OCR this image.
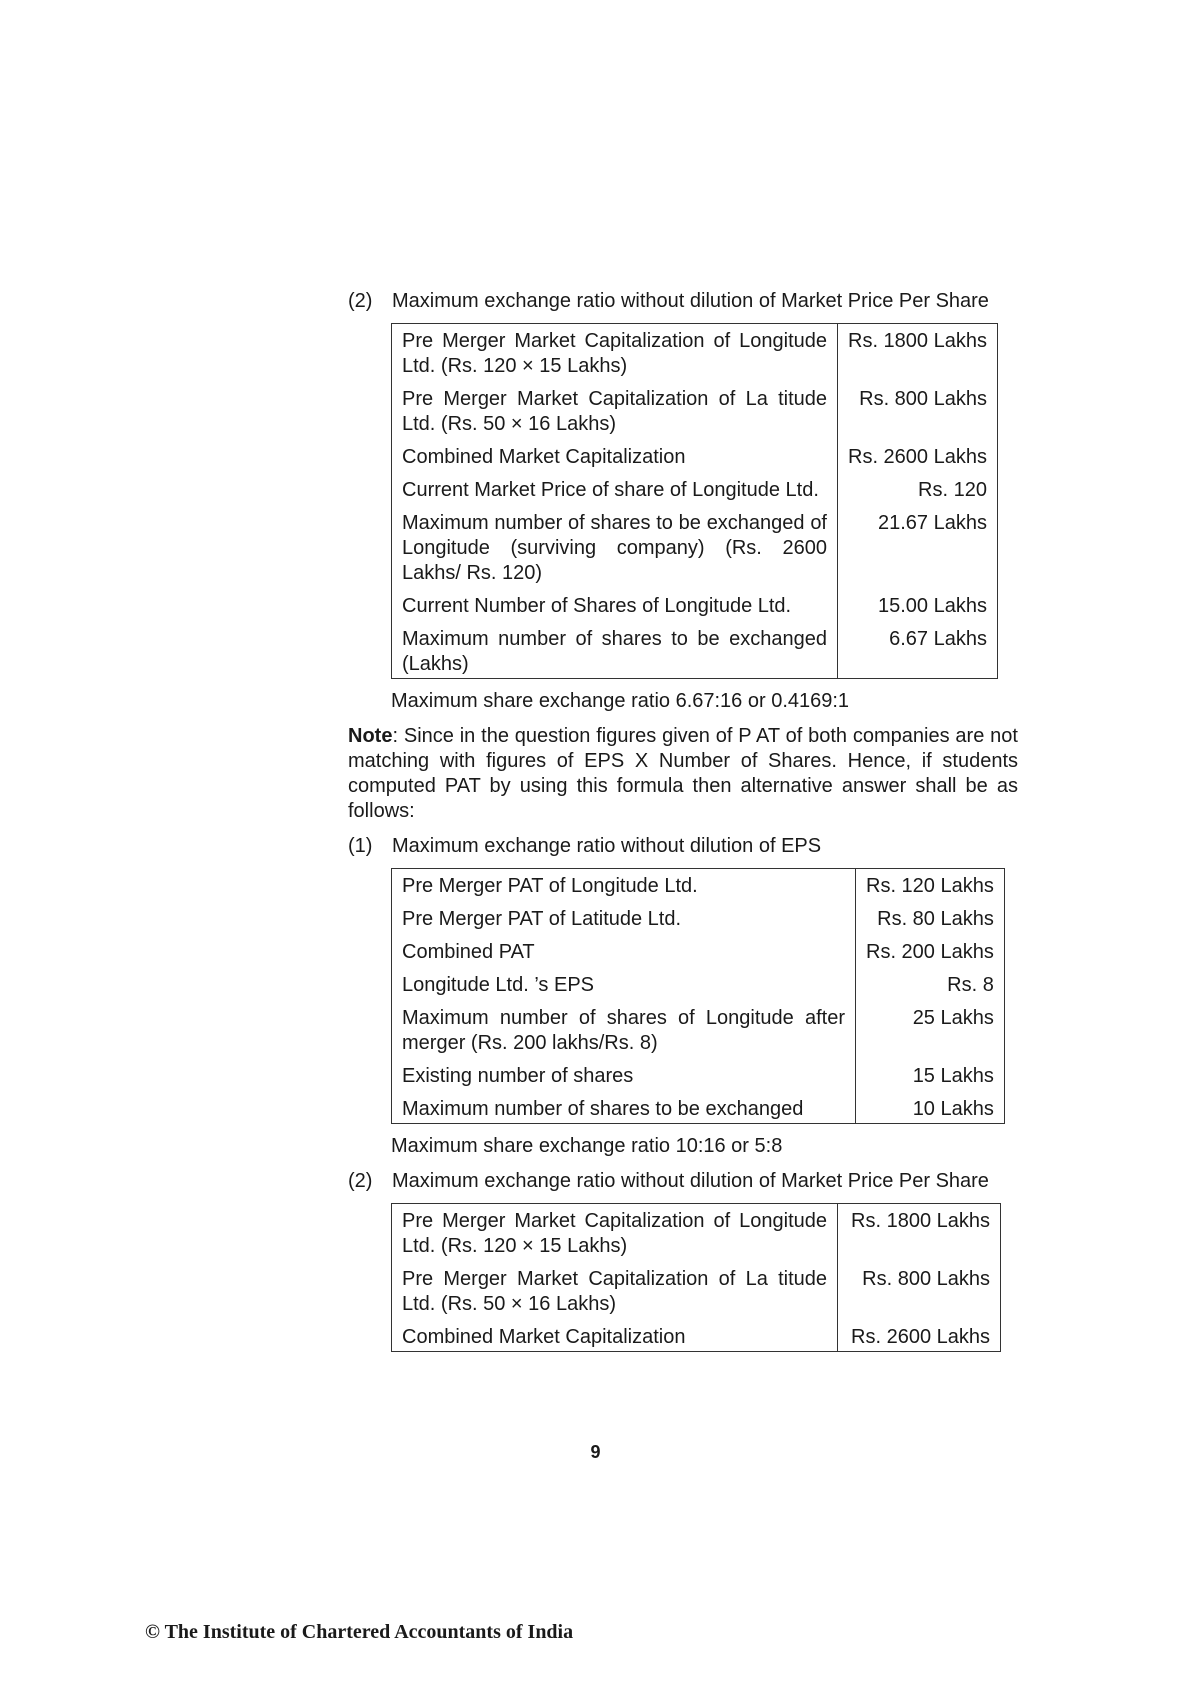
(2) Maximum exchange ratio without dilution of Market Price Per Share
Pre Merger Market Capitalization of Longitude Ltd. (Rs. 120 × 15 Lakhs)	Rs. 1800 Lakhs
Pre Merger Market Capitalization of La titude Ltd. (Rs. 50 × 16 Lakhs)	Rs. 800 Lakhs
Combined Market Capitalization	Rs. 2600 Lakhs
Current Market Price of share of Longitude Ltd.	Rs. 120
Maximum number of shares to be exchanged of Longitude (surviving company) (Rs. 2600 Lakhs/ Rs. 120)	21.67 Lakhs
Current Number of Shares of Longitude Ltd.	15.00 Lakhs
Maximum number of shares to be exchanged (Lakhs)	6.67 Lakhs
Maximum share exchange ratio 6.67:16 or 0.4169:1
Note: Since in the question figures given of P AT of both companies are not matching with figures of EPS X Number of Shares. Hence, if students computed PAT by using this formula then alternative answer shall be as follows:
(1) Maximum exchange ratio without dilution of EPS
Pre Merger PAT of Longitude Ltd.	Rs. 120 Lakhs
Pre Merger PAT of Latitude Ltd.	Rs. 80 Lakhs
Combined PAT	Rs. 200 Lakhs
Longitude Ltd. ’s EPS	Rs. 8
Maximum number of shares of Longitude after merger (Rs. 200 lakhs/Rs. 8)	25 Lakhs
Existing number of shares	15 Lakhs
Maximum number of shares to be exchanged	10 Lakhs
Maximum share exchange ratio 10:16 or 5:8
(2) Maximum exchange ratio without dilution of Market Price Per Share
Pre Merger Market Capitalization of Longitude Ltd. (Rs. 120 × 15 Lakhs)	Rs. 1800 Lakhs
Pre Merger Market Capitalization of La titude Ltd. (Rs. 50 × 16 Lakhs)	Rs. 800 Lakhs
Combined Market Capitalization	Rs. 2600 Lakhs
9
© The Institute of Chartered Accountants of India
